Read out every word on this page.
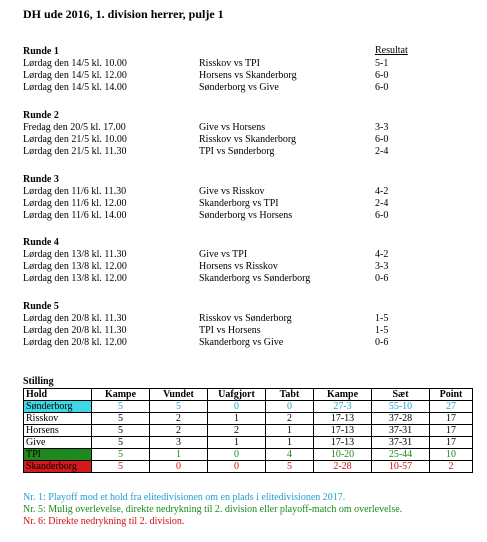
DH ude 2016, 1. division herrer, pulje 1
Resultat
Runde 1
Lørdag den 14/5 kl. 10.00	Risskov vs TPI	5-1
Lørdag den 14/5 kl. 12.00	Horsens vs Skanderborg	6-0
Lørdag den 14/5 kl. 14.00	Sønderborg vs Give	6-0
Runde 2
Fredag den 20/5 kl. 17.00	Give vs Horsens	3-3
Lørdag den 21/5 kl. 10.00	Risskov vs Skanderborg	6-0
Lørdag den 21/5 kl. 11.30	TPI vs Sønderborg	2-4
Runde 3
Lørdag den 11/6 kl. 11.30	Give vs Risskov	4-2
Lørdag den 11/6 kl. 12.00	Skanderborg vs TPI	2-4
Lørdag den 11/6 kl. 14.00	Sønderborg vs Horsens	6-0
Runde 4
Lørdag den 13/8 kl. 11.30	Give vs TPI	4-2
Lørdag den 13/8 kl. 12.00	Horsens vs Risskov	3-3
Lørdag den 13/8 kl. 12.00	Skanderborg vs Sønderborg	0-6
Runde 5
Lørdag den 20/8 kl. 11.30	Risskov vs Sønderborg	1-5
Lørdag den 20/8 kl. 11.30	TPI vs Horsens	1-5
Lørdag den 20/8 kl. 12.00	Skanderborg vs Give	0-6
Stilling
Hold	Kampe	Vundet	Uafgjort	Tabt	Kampe	Sæt	Point
Sønderborg	5	5	0	0	27-3	55-10	27
Risskov	5	2	1	2	17-13	37-28	17
Horsens	5	2	2	1	17-13	37-31	17
Give	5	3	1	1	17-13	37-31	17
TPI	5	1	0	4	10-20	25-44	10
Skanderborg	5	0	0	5	2-28	10-57	2
Nr. 1: Playoff mod et hold fra elitedivisionen om en plads i elitedivisionen 2017.
Nr. 5: Mulig overlevelse, direkte nedrykning til 2. division eller playoff-match om overlevelse.
Nr. 6: Direkte nedrykning til 2. division.
